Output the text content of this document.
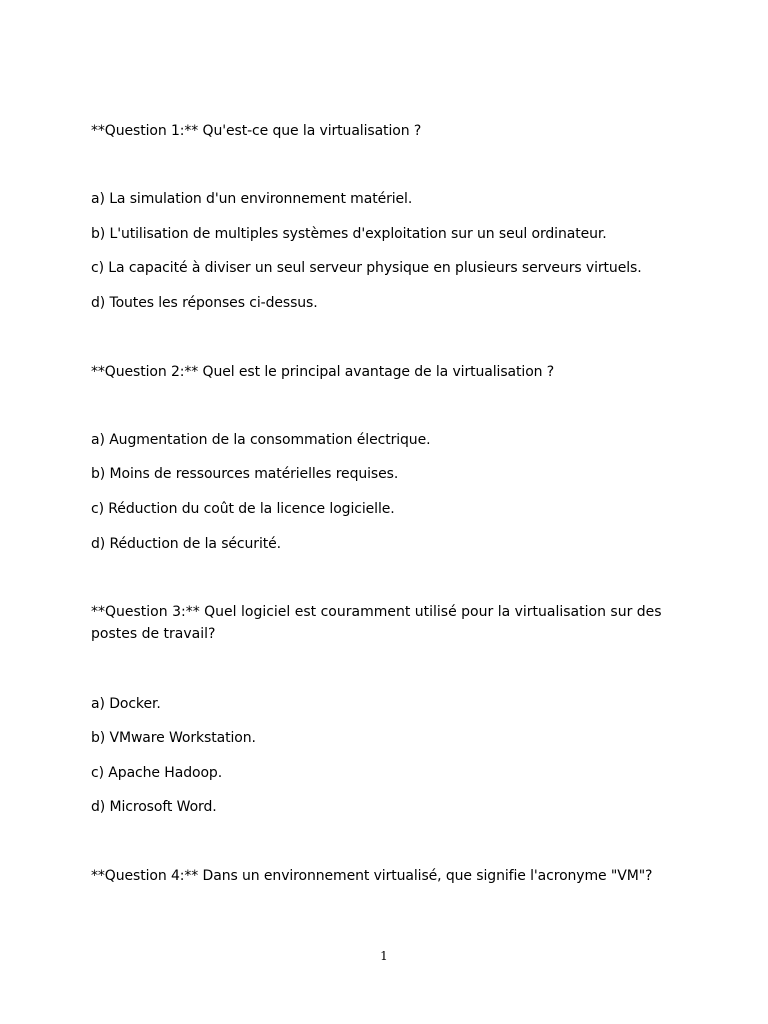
**Question 1:** Qu'est-ce que la virtualisation ?
a) La simulation d'un environnement matériel.
b) L'utilisation de multiples systèmes d'exploitation sur un seul ordinateur.
c) La capacité à diviser un seul serveur physique en plusieurs serveurs virtuels.
d) Toutes les réponses ci-dessus.
**Question 2:** Quel est le principal avantage de la virtualisation ?
a) Augmentation de la consommation électrique.
b) Moins de ressources matérielles requises.
c) Réduction du coût de la licence logicielle.
d) Réduction de la sécurité.
**Question 3:** Quel logiciel est couramment utilisé pour la virtualisation sur des postes de travail?
a) Docker.
b) VMware Workstation.
c) Apache Hadoop.
d) Microsoft Word.
**Question 4:** Dans un environnement virtualisé, que signifie l'acronyme "VM"?
1
